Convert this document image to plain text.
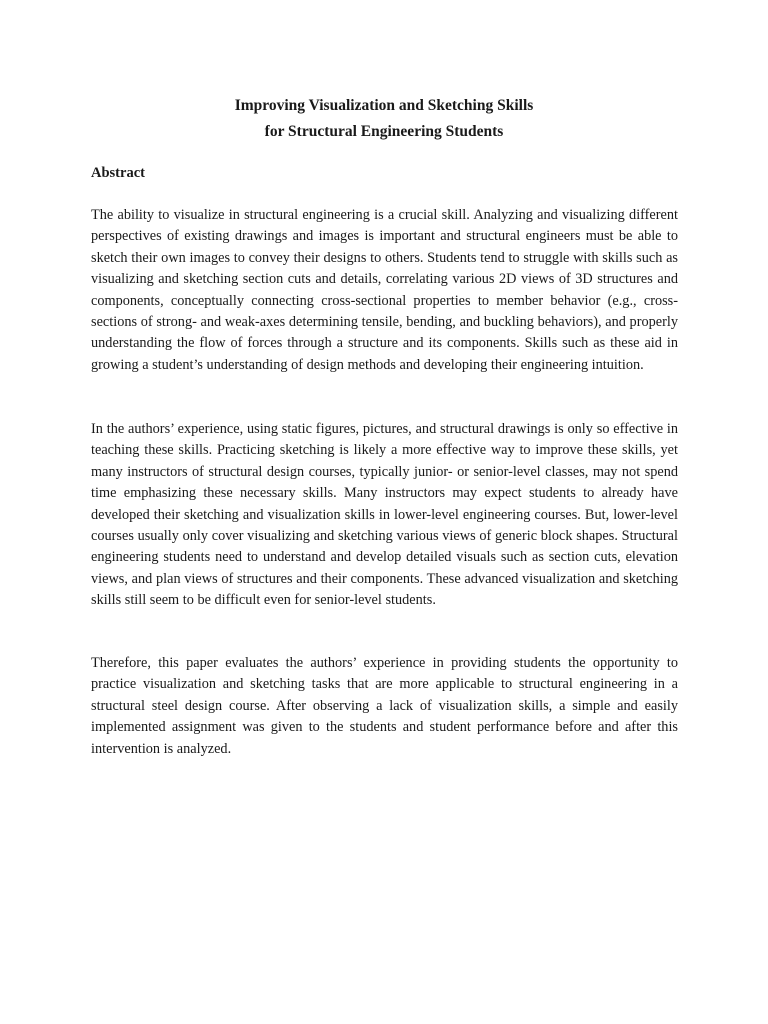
Improving Visualization and Sketching Skills

for Structural Engineering Students

Abstract

The ability to visualize in structural engineering is a crucial skill. Analyzing and visualizing different perspectives of existing drawings and images is important and structural engineers must be able to sketch their own images to convey their designs to others. Students tend to struggle with skills such as visualizing and sketching section cuts and details, correlating various 2D views of 3D structures and components, conceptually connecting cross-sectional properties to member behavior (e.g., cross-sections of strong- and weak-axes determining tensile, bending, and buckling behaviors), and properly understanding the flow of forces through a structure and its components. Skills such as these aid in growing a student’s understanding of design methods and developing their engineering intuition.

In the authors’ experience, using static figures, pictures, and structural drawings is only so effective in teaching these skills. Practicing sketching is likely a more effective way to improve these skills, yet many instructors of structural design courses, typically junior- or senior-level classes, may not spend time emphasizing these necessary skills. Many instructors may expect students to already have developed their sketching and visualization skills in lower-level engineering courses. But, lower-level courses usually only cover visualizing and sketching various views of generic block shapes. Structural engineering students need to understand and develop detailed visuals such as section cuts, elevation views, and plan views of structures and their components. These advanced visualization and sketching skills still seem to be difficult even for senior-level students.

Therefore, this paper evaluates the authors’ experience in providing students the opportunity to practice visualization and sketching tasks that are more applicable to structural engineering in a structural steel design course. After observing a lack of visualization skills, a simple and easily implemented assignment was given to the students and student performance before and after this intervention is analyzed.
